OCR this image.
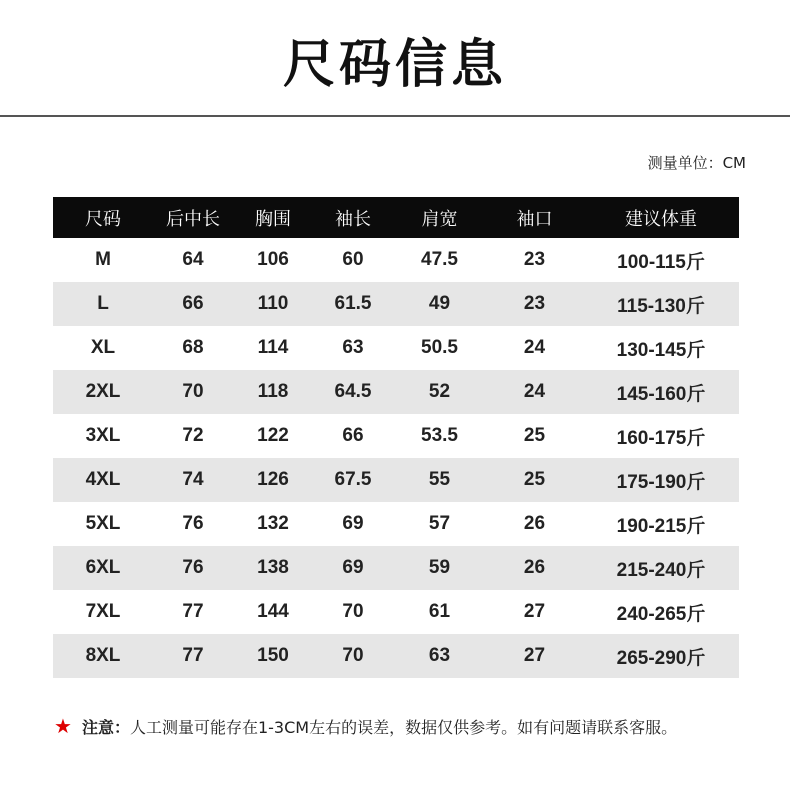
尺码信息
测量单位：CM
尺码	后中长	胸围	袖长	肩宽	袖口	建议体重
M	64	106	60	47.5	23	100-115斤
L	66	110	61.5	49	23	115-130斤
XL	68	114	63	50.5	24	130-145斤
2XL	70	118	64.5	52	24	145-160斤
3XL	72	122	66	53.5	25	160-175斤
4XL	74	126	67.5	55	25	175-190斤
5XL	76	132	69	57	26	190-215斤
6XL	76	138	69	59	26	215-240斤
7XL	77	144	70	61	27	240-265斤
8XL	77	150	70	63	27	265-290斤
★ 注意：人工测量可能存在1-3CM左右的误差，数据仅供参考。如有问题请联系客服。
